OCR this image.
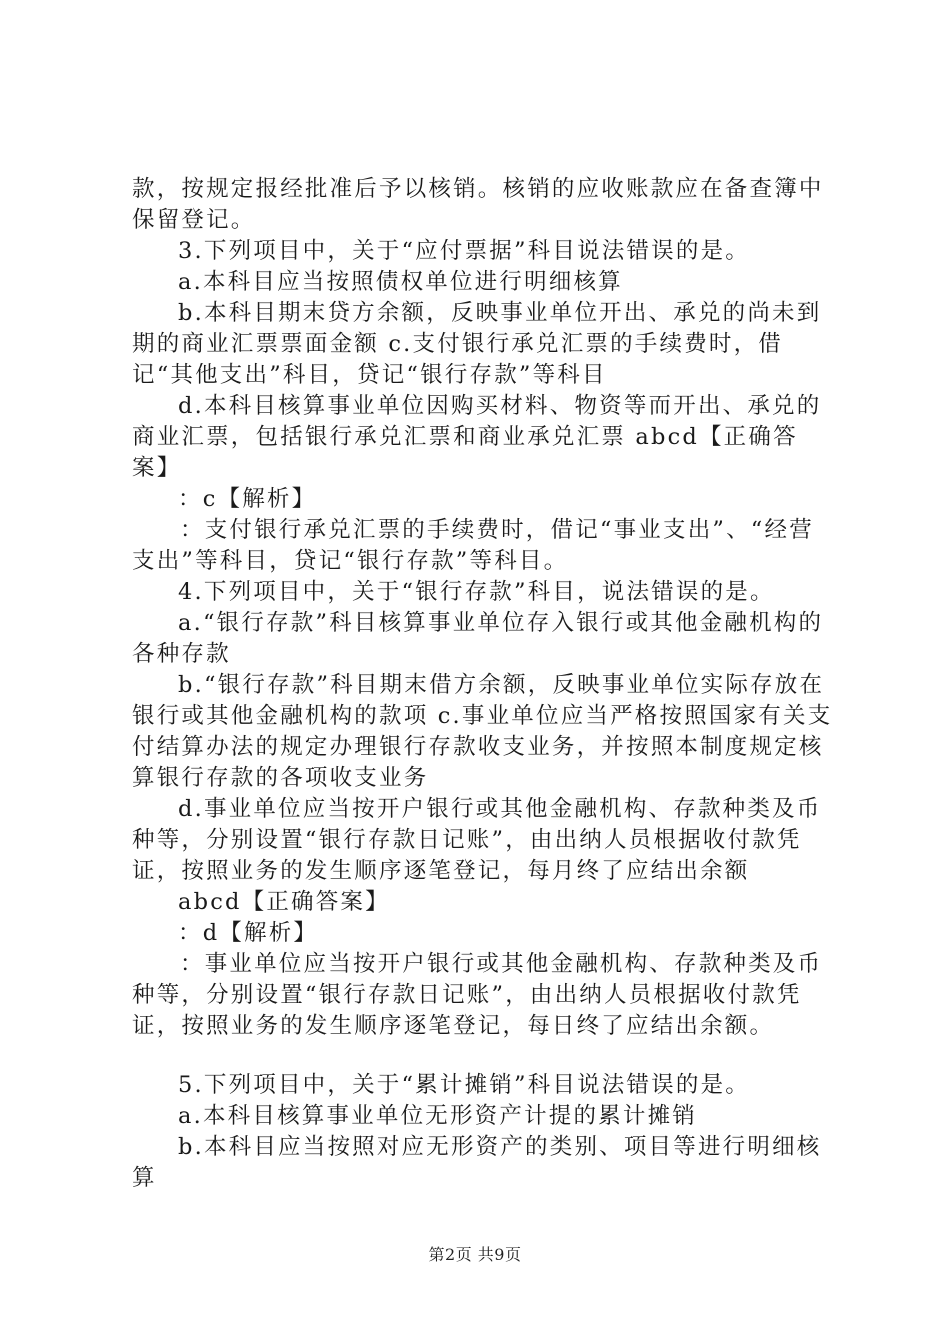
款，按规定报经批准后予以核销。核销的应收账款应在备查簿中保留登记。

3.下列项目中，关于“应付票据”科目说法错误的是。

a.本科目应当按照债权单位进行明细核算

b.本科目期末贷方余额，反映事业单位开出、承兑的尚未到期的商业汇票票面金额 c.支付银行承兑汇票的手续费时，借记“其他支出”科目，贷记“银行存款”等科目

d.本科目核算事业单位因购买材料、物资等而开出、承兑的商业汇票，包括银行承兑汇票和商业承兑汇票 abcd【正确答案】

：c【解析】

：支付银行承兑汇票的手续费时，借记“事业支出”、“经营支出”等科目，贷记“银行存款”等科目。

4.下列项目中，关于“银行存款”科目，说法错误的是。

a.“银行存款”科目核算事业单位存入银行或其他金融机构的各种存款

b.“银行存款”科目期末借方余额，反映事业单位实际存放在银行或其他金融机构的款项 c.事业单位应当严格按照国家有关支付结算办法的规定办理银行存款收支业务，并按照本制度规定核算银行存款的各项收支业务

d.事业单位应当按开户银行或其他金融机构、存款种类及币种等，分别设置“银行存款日记账”，由出纳人员根据收付款凭证，按照业务的发生顺序逐笔登记，每月终了应结出余额

abcd【正确答案】

：d【解析】

：事业单位应当按开户银行或其他金融机构、存款种类及币种等，分别设置“银行存款日记账”，由出纳人员根据收付款凭证，按照业务的发生顺序逐笔登记，每日终了应结出余额。

5.下列项目中，关于“累计摊销”科目说法错误的是。

a.本科目核算事业单位无形资产计提的累计摊销

b.本科目应当按照对应无形资产的类别、项目等进行明细核算

第2页 共9页
